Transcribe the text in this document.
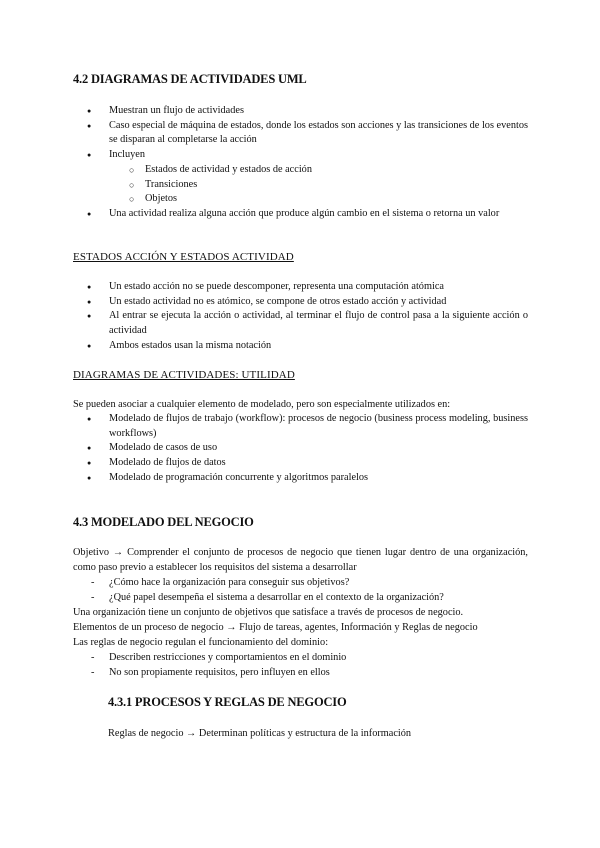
4.2 DIAGRAMAS DE ACTIVIDADES UML
● Muestran un flujo de actividades
● Caso especial de máquina de estados, donde los estados son acciones y las transiciones de los eventos se disparan al completarse la acción
● Incluyen
○ Estados de actividad y estados de acción
○ Transiciones
○ Objetos
● Una actividad realiza alguna acción que produce algún cambio en el sistema o retorna un valor
ESTADOS ACCIÓN Y ESTADOS ACTIVIDAD
● Un estado acción no se puede descomponer, representa una computación atómica
● Un estado actividad no es atómico, se compone de otros estado acción y actividad
● Al entrar se ejecuta la acción o actividad, al terminar el flujo de control pasa a la siguiente acción o actividad
● Ambos estados usan la misma notación
DIAGRAMAS DE ACTIVIDADES: UTILIDAD
Se pueden asociar a cualquier elemento de modelado, pero son especialmente utilizados en:
● Modelado de flujos de trabajo (workflow): procesos de negocio (business process modeling, business workflows)
● Modelado de casos de uso
● Modelado de flujos de datos
● Modelado de programación concurrente y algoritmos paralelos
4.3 MODELADO DEL NEGOCIO
Objetivo → Comprender el conjunto de procesos de negocio que tienen lugar dentro de una organización, como paso previo a establecer los requisitos del sistema a desarrollar
- ¿Cómo hace la organización para conseguir sus objetivos?
- ¿Qué papel desempeña el sistema a desarrollar en el contexto de la organización?
Una organización tiene un conjunto de objetivos que satisface a través de procesos de negocio.
Elementos de un proceso de negocio → Flujo de tareas, agentes, Información y Reglas de negocio
Las reglas de negocio regulan el funcionamiento del dominio:
- Describen restricciones y comportamientos en el dominio
- No son propiamente requisitos, pero influyen en ellos
4.3.1 PROCESOS Y REGLAS DE NEGOCIO
Reglas de negocio → Determinan políticas y estructura de la información
